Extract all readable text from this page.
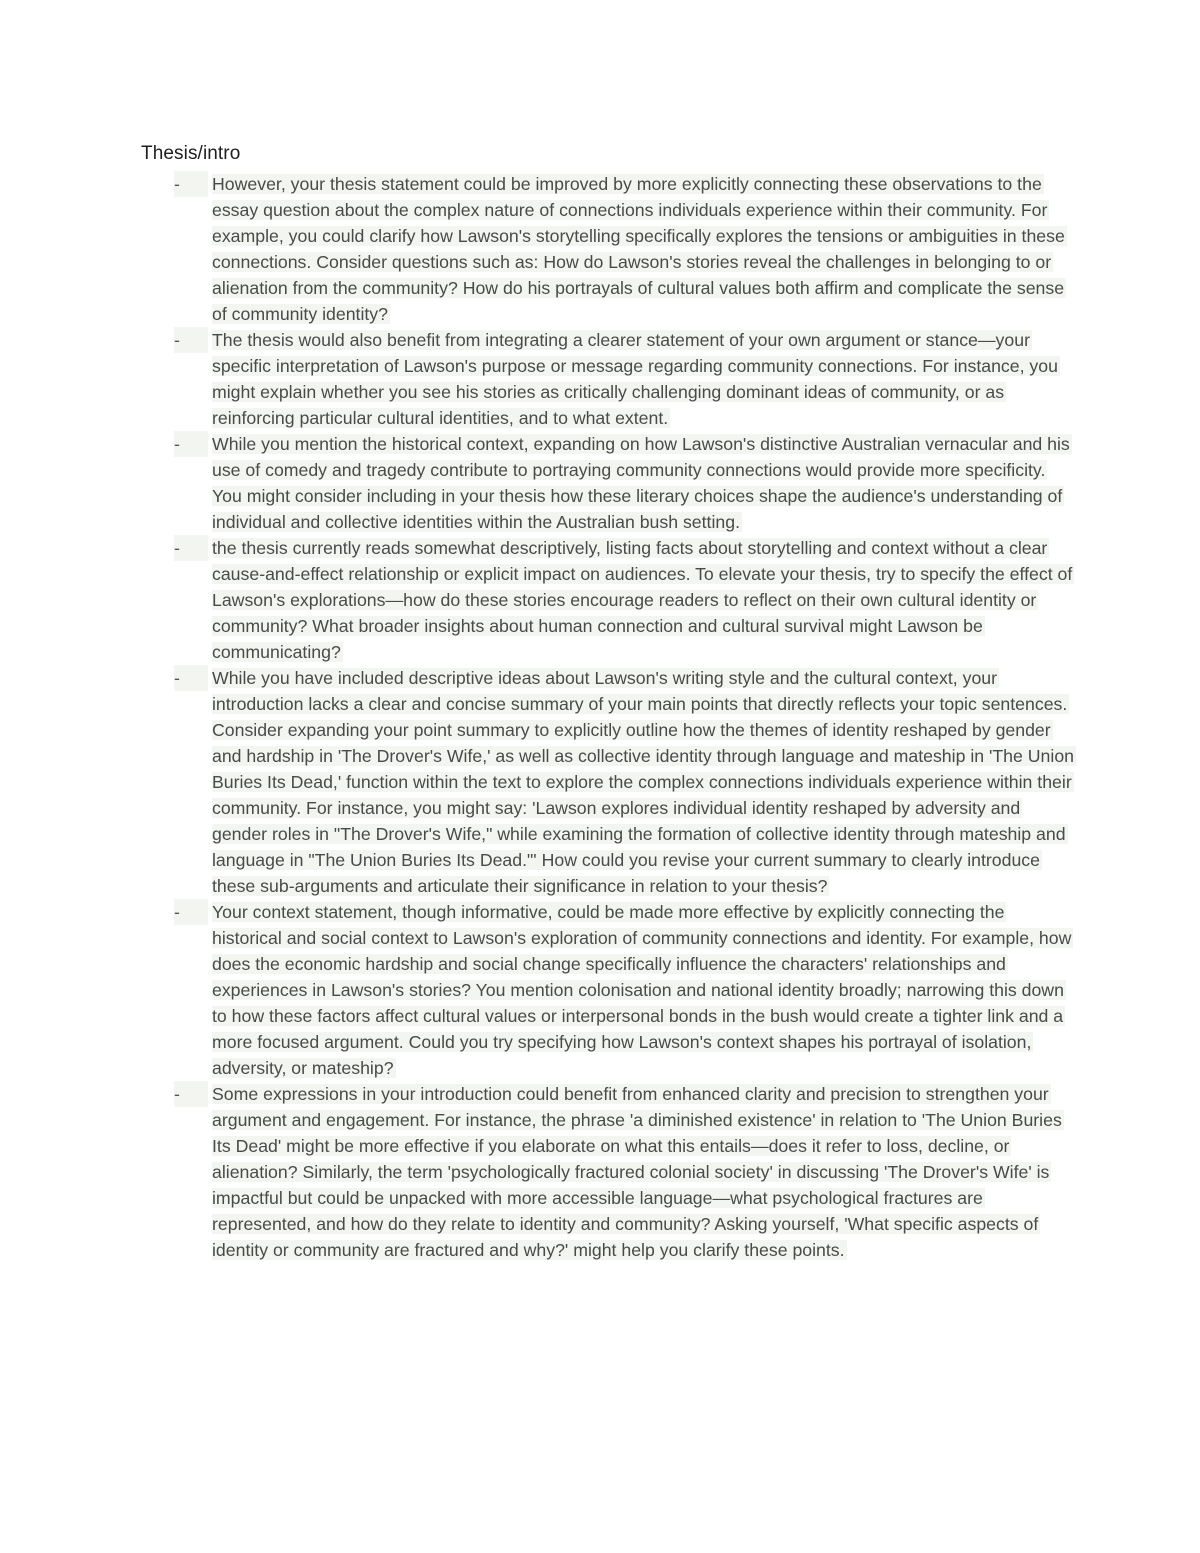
Thesis/intro
-	However, your thesis statement could be improved by more explicitly connecting these observations to the essay question about the complex nature of connections individuals experience within their community. For example, you could clarify how Lawson's storytelling specifically explores the tensions or ambiguities in these connections. Consider questions such as: How do Lawson's stories reveal the challenges in belonging to or alienation from the community? How do his portrayals of cultural values both affirm and complicate the sense of community identity?
-	The thesis would also benefit from integrating a clearer statement of your own argument or stance—your specific interpretation of Lawson's purpose or message regarding community connections. For instance, you might explain whether you see his stories as critically challenging dominant ideas of community, or as reinforcing particular cultural identities, and to what extent.
-	While you mention the historical context, expanding on how Lawson's distinctive Australian vernacular and his use of comedy and tragedy contribute to portraying community connections would provide more specificity. You might consider including in your thesis how these literary choices shape the audience's understanding of individual and collective identities within the Australian bush setting.
-	the thesis currently reads somewhat descriptively, listing facts about storytelling and context without a clear cause-and-effect relationship or explicit impact on audiences. To elevate your thesis, try to specify the effect of Lawson's explorations—how do these stories encourage readers to reflect on their own cultural identity or community? What broader insights about human connection and cultural survival might Lawson be communicating?
-	While you have included descriptive ideas about Lawson's writing style and the cultural context, your introduction lacks a clear and concise summary of your main points that directly reflects your topic sentences. Consider expanding your point summary to explicitly outline how the themes of identity reshaped by gender and hardship in 'The Drover's Wife,' as well as collective identity through language and mateship in 'The Union Buries Its Dead,' function within the text to explore the complex connections individuals experience within their community. For instance, you might say: 'Lawson explores individual identity reshaped by adversity and gender roles in "The Drover's Wife," while examining the formation of collective identity through mateship and language in "The Union Buries Its Dead."' How could you revise your current summary to clearly introduce these sub-arguments and articulate their significance in relation to your thesis?
-	Your context statement, though informative, could be made more effective by explicitly connecting the historical and social context to Lawson's exploration of community connections and identity. For example, how does the economic hardship and social change specifically influence the characters' relationships and experiences in Lawson's stories? You mention colonisation and national identity broadly; narrowing this down to how these factors affect cultural values or interpersonal bonds in the bush would create a tighter link and a more focused argument. Could you try specifying how Lawson's context shapes his portrayal of isolation, adversity, or mateship?
-	Some expressions in your introduction could benefit from enhanced clarity and precision to strengthen your argument and engagement. For instance, the phrase 'a diminished existence' in relation to 'The Union Buries Its Dead' might be more effective if you elaborate on what this entails—does it refer to loss, decline, or alienation? Similarly, the term 'psychologically fractured colonial society' in discussing 'The Drover's Wife' is impactful but could be unpacked with more accessible language—what psychological fractures are represented, and how do they relate to identity and community? Asking yourself, 'What specific aspects of identity or community are fractured and why?' might help you clarify these points.
